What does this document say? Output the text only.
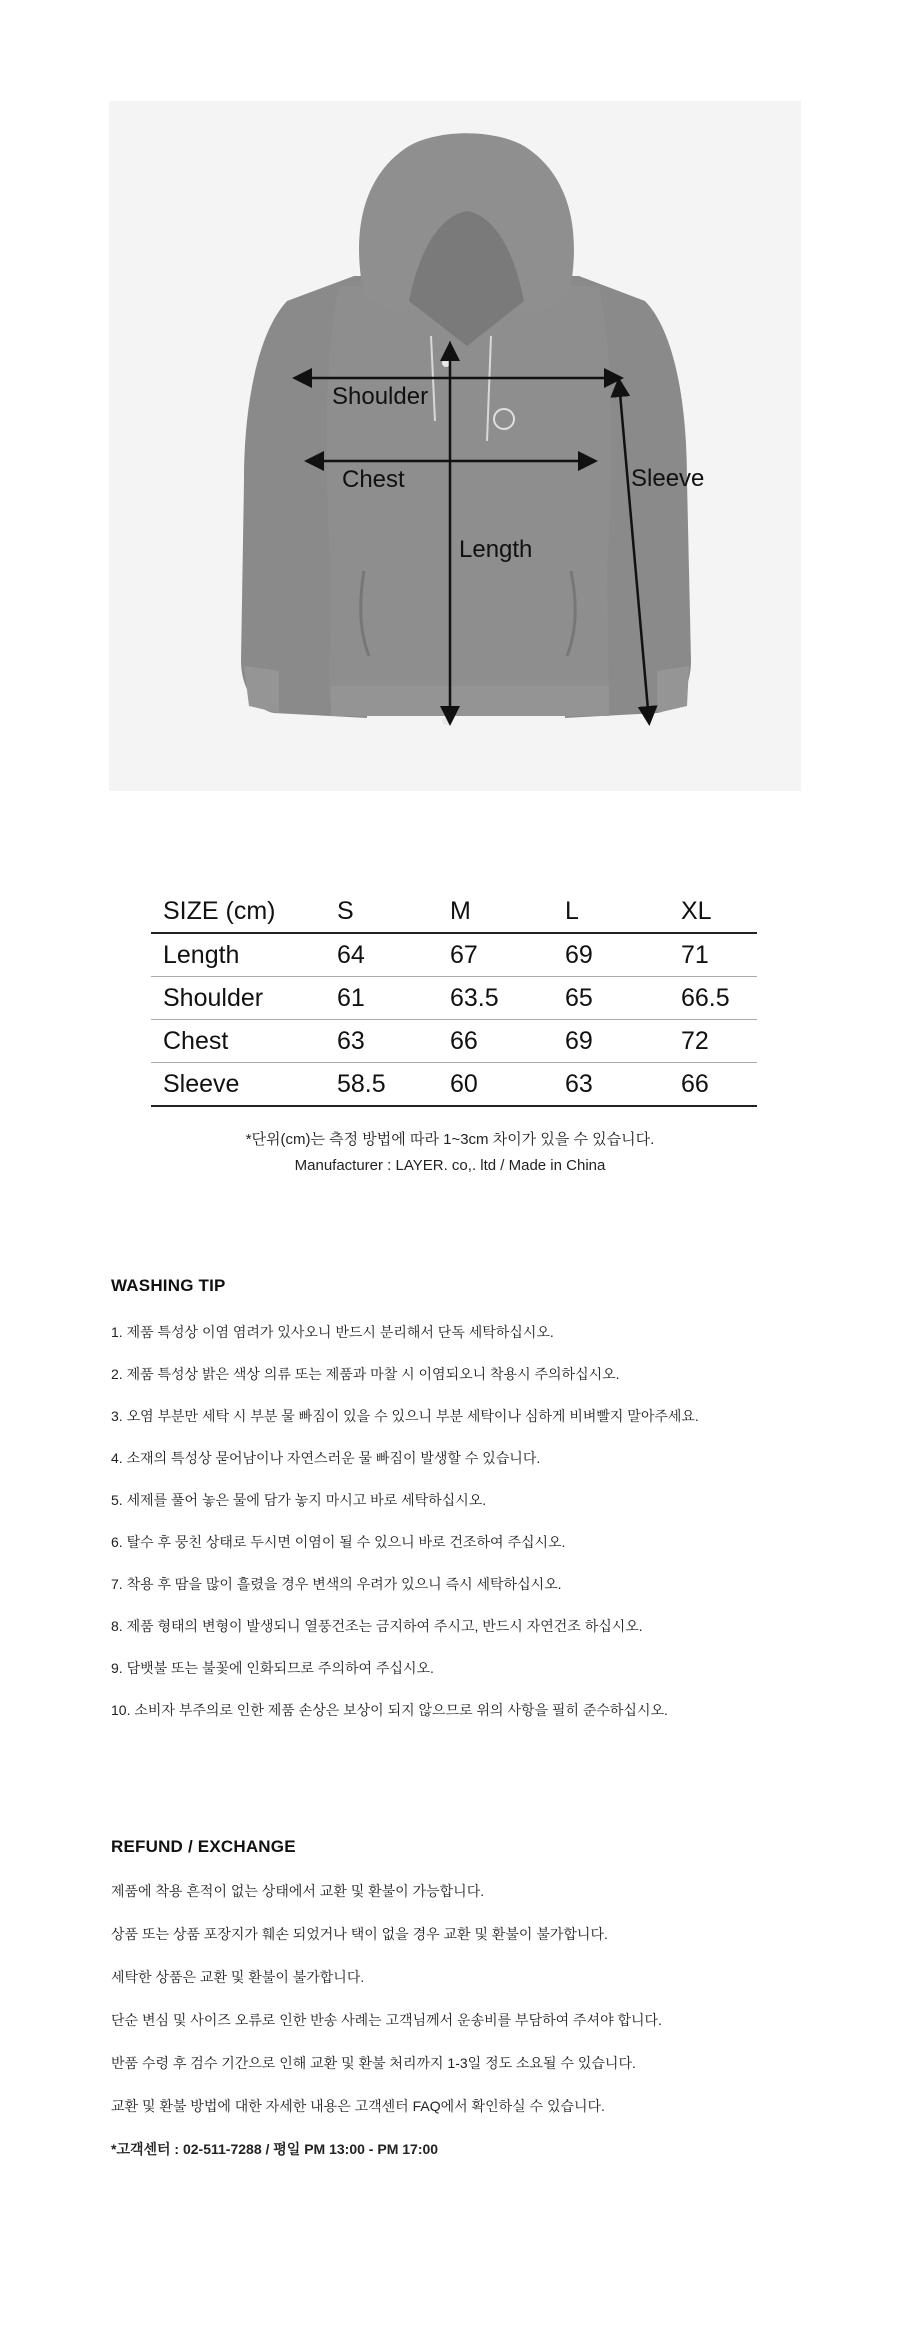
Shoulder
Chest
Length
Sleeve
SIZE (cm)	S	M	L	XL
Length	64	67	69	71
Shoulder	61	63.5	65	66.5
Chest	63	66	69	72
Sleeve	58.5	60	63	66
*단위(cm)는 측정 방법에 따라 1~3cm 차이가 있을 수 있습니다.
Manufacturer : LAYER. co,. ltd / Made in China
WASHING TIP
1. 제품 특성상 이염 염려가 있사오니 반드시 분리해서 단독 세탁하십시오.
2. 제품 특성상 밝은 색상 의류 또는 제품과 마찰 시 이염되오니 착용시 주의하십시오.
3. 오염 부분만 세탁 시 부분 물 빠짐이 있을 수 있으니 부분 세탁이나 심하게 비벼빨지 말아주세요.
4. 소재의 특성상 묻어남이나 자연스러운 물 빠짐이 발생할 수 있습니다.
5. 세제를 풀어 놓은 물에 담가 놓지 마시고 바로 세탁하십시오.
6. 탈수 후 뭉친 상태로 두시면 이염이 될 수 있으니 바로 건조하여 주십시오.
7. 착용 후 땀을 많이 흘렸을 경우 변색의 우려가 있으니 즉시 세탁하십시오.
8. 제품 형태의 변형이 발생되니 열풍건조는 금지하여 주시고, 반드시 자연건조 하십시오.
9. 담뱃불 또는 불꽃에 인화되므로 주의하여 주십시오.
10. 소비자 부주의로 인한 제품 손상은 보상이 되지 않으므로 위의 사항을 필히 준수하십시오.
REFUND / EXCHANGE
제품에 착용 흔적이 없는 상태에서 교환 및 환불이 가능합니다.
상품 또는 상품 포장지가 훼손 되었거나 택이 없을 경우 교환 및 환불이 불가합니다.
세탁한 상품은 교환 및 환불이 불가합니다.
단순 변심 및 사이즈 오류로 인한 반송 사례는 고객님께서 운송비를 부담하여 주셔야 합니다.
반품 수령 후 검수 기간으로 인해 교환 및 환불 처리까지 1-3일 정도 소요될 수 있습니다.
교환 및 환불 방법에 대한 자세한 내용은 고객센터 FAQ에서 확인하실 수 있습니다.
*고객센터 : 02-511-7288 / 평일 PM 13:00 - PM 17:00
